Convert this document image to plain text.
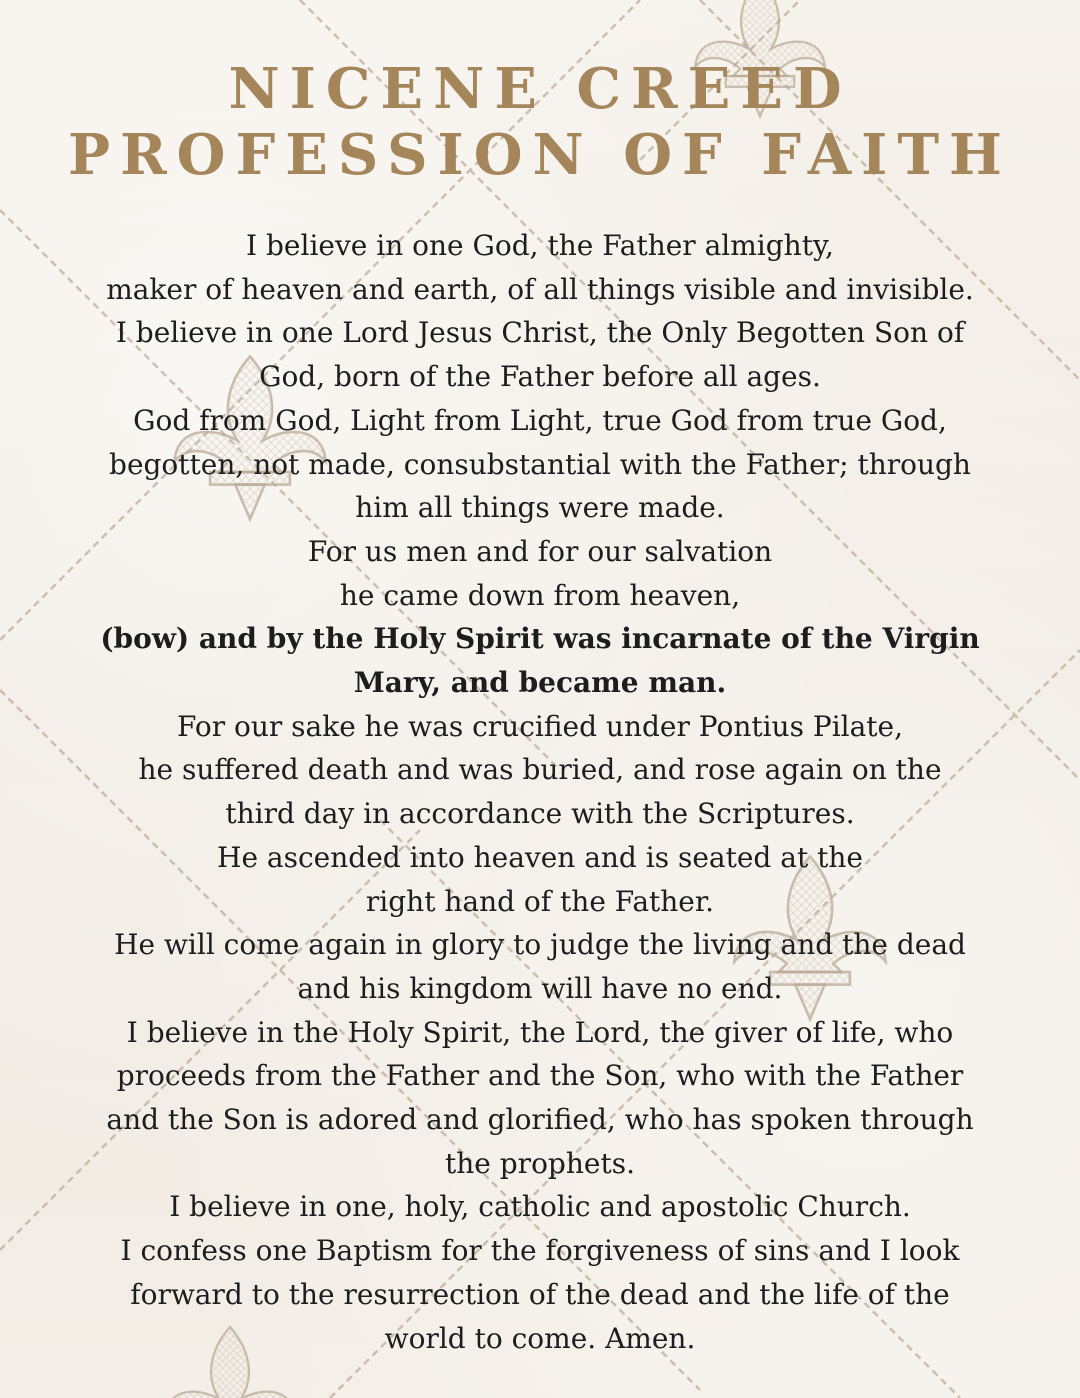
NICENE CREED
PROFESSION OF FAITH
I believe in one God, the Father almighty,
maker of heaven and earth, of all things visible and invisible.
I believe in one Lord Jesus Christ, the Only Begotten Son of
God, born of the Father before all ages.
God from God, Light from Light, true God from true God,
begotten, not made, consubstantial with the Father; through
him all things were made.
For us men and for our salvation
he came down from heaven,
(bow) and by the Holy Spirit was incarnate of the Virgin
Mary, and became man.
For our sake he was crucified under Pontius Pilate,
he suffered death and was buried, and rose again on the
third day in accordance with the Scriptures.
He ascended into heaven and is seated at the
right hand of the Father.
He will come again in glory to judge the living and the dead
and his kingdom will have no end.
I believe in the Holy Spirit, the Lord, the giver of life, who
proceeds from the Father and the Son, who with the Father
and the Son is adored and glorified, who has spoken through
the prophets.
I believe in one, holy, catholic and apostolic Church.
I confess one Baptism for the forgiveness of sins and I look
forward to the resurrection of the dead and the life of the
world to come. Amen.
